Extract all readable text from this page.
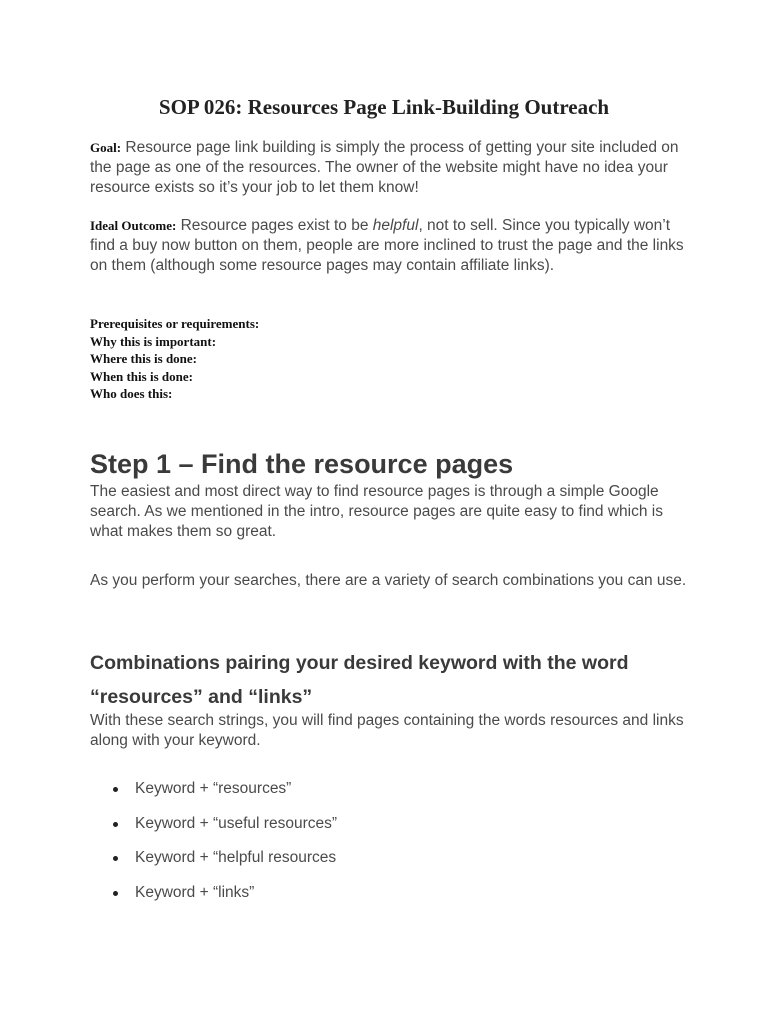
SOP 026: Resources Page Link-Building Outreach
Goal: Resource page link building is simply the process of getting your site included on the page as one of the resources. The owner of the website might have no idea your resource exists so it’s your job to let them know!
Ideal Outcome: Resource pages exist to be helpful, not to sell. Since you typically won’t find a buy now button on them, people are more inclined to trust the page and the links on them (although some resource pages may contain affiliate links).
Prerequisites or requirements:
Why this is important:
Where this is done:
When this is done:
Who does this:
Step 1 – Find the resource pages
The easiest and most direct way to find resource pages is through a simple Google search. As we mentioned in the intro, resource pages are quite easy to find which is what makes them so great.
As you perform your searches, there are a variety of search combinations you can use.
Combinations pairing your desired keyword with the word “resources” and “links”
With these search strings, you will find pages containing the words resources and links along with your keyword.
Keyword + “resources”
Keyword + “useful resources”
Keyword + “helpful resources
Keyword + “links”
